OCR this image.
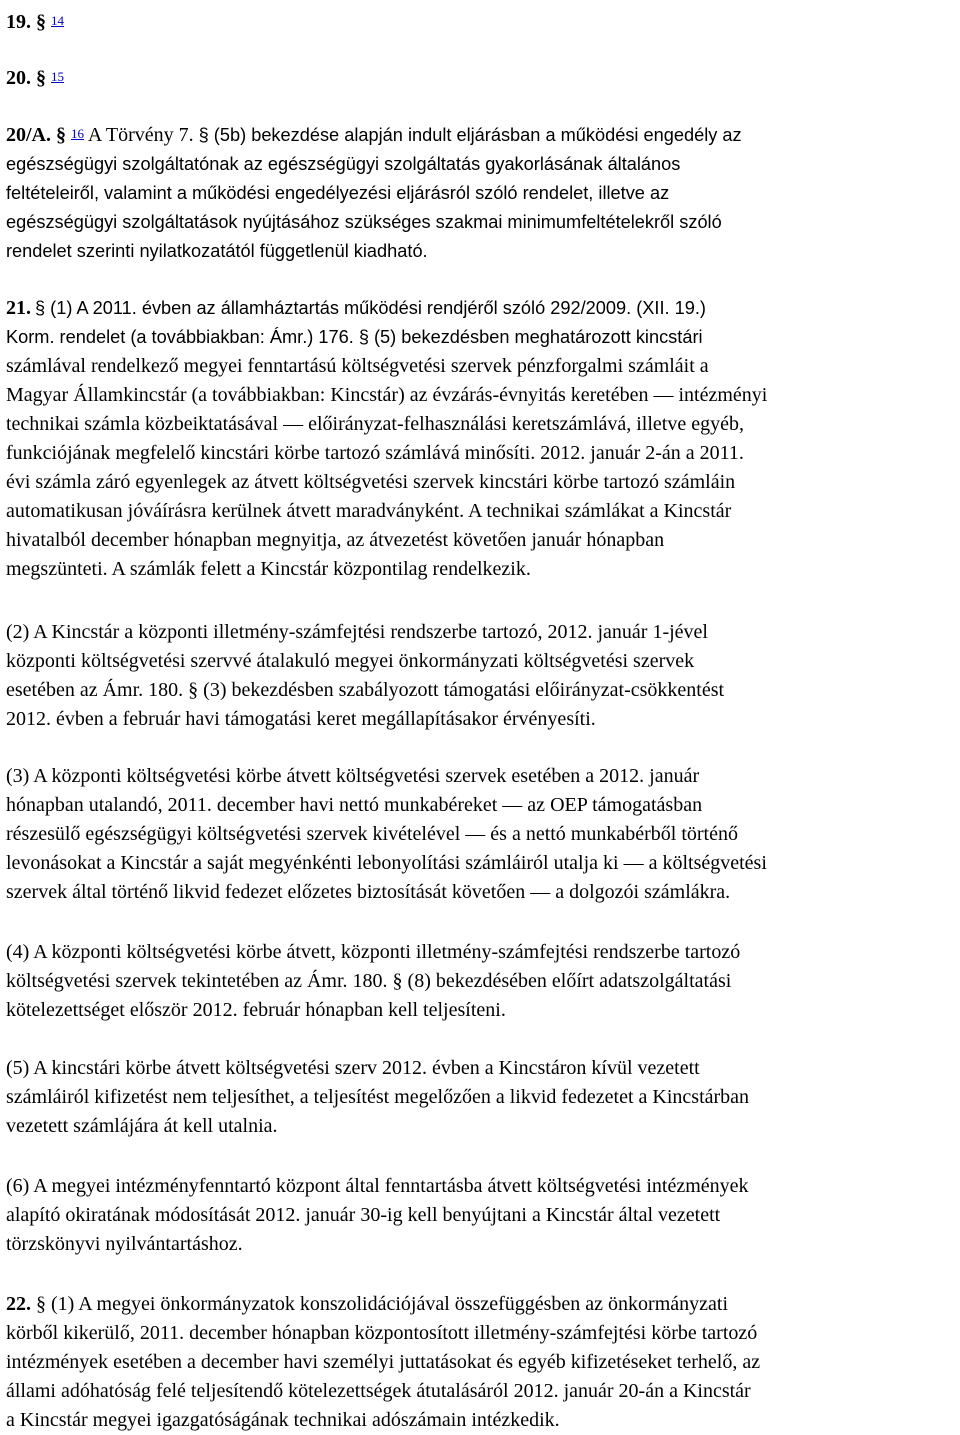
19. § $^{14}$
20. § $^{15}$
20/A. § $^{16}$ A Törvény 7. § (5b) bekezdése alapján indult eljárásban a működési engedély az
egészségügyi szolgáltatónak az egészségügyi szolgáltatás gyakorlásának általános
feltételeiről, valamint a működési engedélyezési eljárásról szóló rendelet, illetve az
egészségügyi szolgáltatások nyújtásához szükséges szakmai minimumfeltételekről szóló
rendelet szerinti nyilatkozatától függetlenül kiadható.
21. § (1) A 2011. évben az államháztartás működési rendjéről szóló 292/2009. (XII. 19.)
Korm. rendelet (a továbbiakban: Ámr.) 176. § (5) bekezdésben meghatározott kincstári
számlával rendelkező megyei fenntartású költségvetési szervek pénzforgalmi számláit a
Magyar Államkincstár (a továbbiakban: Kincstár) az évzárás-évnyitás keretében — intézményi
technikai számla közbeiktatásával — előirányzat-felhasználási keretszámlává, illetve egyéb,
funkciójának megfelelő kincstári körbe tartozó számlává minősíti. 2012. január 2-án a 2011.
évi számla záró egyenlegek az átvett költségvetési szervek kincstári körbe tartozó számláin
automatikusan jóváírásra kerülnek átvett maradványként. A technikai számlákat a Kincstár
hivatalból december hónapban megnyitja, az átvezetést követően január hónapban
megszünteti. A számlák felett a Kincstár központilag rendelkezik.
(2) A Kincstár a központi illetmény-számfejtési rendszerbe tartozó, 2012. január 1-jével
központi költségvetési szervvé átalakuló megyei önkormányzati költségvetési szervek
esetében az Ámr. 180. § (3) bekezdésben szabályozott támogatási előirányzat-csökkentést
2012. évben a február havi támogatási keret megállapításakor érvényesíti.
(3) A központi költségvetési körbe átvett költségvetési szervek esetében a 2012. január
hónapban utalandó, 2011. december havi nettó munkabéreket — az OEP támogatásban
részesülő egészségügyi költségvetési szervek kivételével — és a nettó munkabérből történő
levonásokat a Kincstár a saját megyénkénti lebonyolítási számláiról utalja ki — a költségvetési
szervek által történő likvid fedezet előzetes biztosítását követően — a dolgozói számlákra.
(4) A központi költségvetési körbe átvett, központi illetmény-számfejtési rendszerbe tartozó
költségvetési szervek tekintetében az Ámr. 180. § (8) bekezdésében előírt adatszolgáltatási
kötelezettséget először 2012. február hónapban kell teljesíteni.
(5) A kincstári körbe átvett költségvetési szerv 2012. évben a Kincstáron kívül vezetett
számláiról kifizetést nem teljesíthet, a teljesítést megelőzően a likvid fedezetet a Kincstárban
vezetett számlájára át kell utalnia.
(6) A megyei intézményfenntartó központ által fenntartásba átvett költségvetési intézmények
alapító okiratának módosítását 2012. január 30-ig kell benyújtani a Kincstár által vezetett
törzskönyvi nyilvántartáshoz.
22. § (1) A megyei önkormányzatok konszolidációjával összefüggésben az önkormányzati
körből kikerülő, 2011. december hónapban központosított illetmény-számfejtési körbe tartozó
intézmények esetében a december havi személyi juttatásokat és egyéb kifizetéseket terhelő, az
állami adóhatóság felé teljesítendő kötelezettségek átutalásáról 2012. január 20-án a Kincstár
a Kincstár megyei igazgatóságának technikai adószámain intézkedik.
